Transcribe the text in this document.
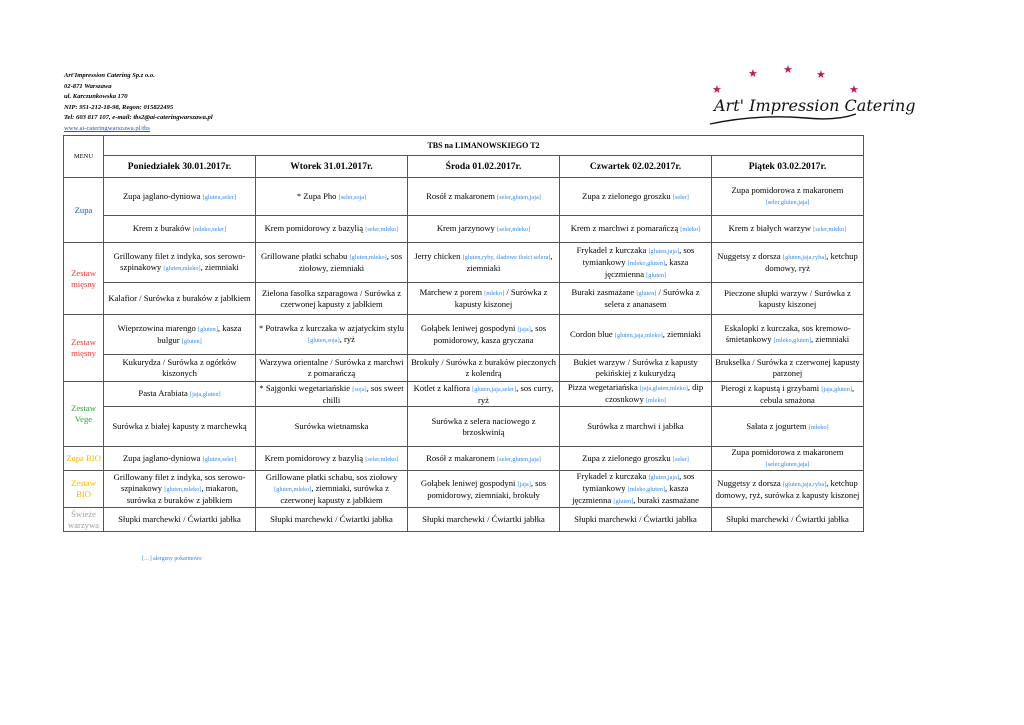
Art'Impression Catering Sp.z o.o.
02-871 Warszawa
ul. Karczunkowska 170
NIP: 951-212-18-98, Regon: 015822495
Tel: 603 817 107, e-mail: tbs2@ai-cateringwarszawa.pl
www.ai-cateringwarszawa.pl/tbs
★ ★ ★
★	★
Art' Impression Catering
MENU	TBS na LIMANOWSKIEGO T2				
	Poniedziałek 30.01.2017r.	Wtorek 31.01.2017r.	Środa 01.02.2017r.	Czwartek 02.02.2017r.	Piątek 03.02.2017r.
Zupa	Zupa jaglano-dyniowa [gluten,seler]	* Zupa Pho [seler,soja]	Rosół z makaronem [seler,gluten,jaja]	Zupa z zielonego groszku [seler]	Zupa pomidorowa z makaronem [seler,gluten,jaja]
	Krem z buraków [mleko,seler]	Krem pomidorowy z bazylią [seler,mleko]	Krem jarzynowy [seler,mleko]	Krem z marchwi z pomarańczą [mleko]	Krem z białych warzyw [seler,mleko]
Zestaw mięsny	Grillowany filet z indyka, sos serowo-szpinakowy [gluten,mleko], ziemniaki	Grillowane płatki schabu [gluten,mleko], sos ziołowy, ziemniaki	Jerry chicken [gluten,ryby, śladowe ilości selera], ziemniaki	Frykadel z kurczaka [gluten,jaja], sos tymiankowy [mleko,gluten], kasza jęczmienna [gluten]	Nuggetsy z dorsza [gluten,jaja,ryba], ketchup domowy, ryż
	Kalafior / Surówka z buraków z jabłkiem	Zielona fasolka szparagowa / Surówka z czerwonej kapusty z jabłkiem	Marchew z porem [mleko] / Surówka z kapusty kiszonej	Buraki zasmażane [gluten] / Surówka z selera z ananasem	Pieczone słupki warzyw / Surówka z kapusty kiszonej
Zestaw mięsny	Wieprzowina marengo [gluten], kasza bulgur [gluten]	* Potrawka z kurczaka w azjatyckim stylu [gluten,soja], ryż	Gołąbek leniwej gospodyni [jaja], sos pomidorowy, kasza gryczana	Cordon blue [gluten,jaja,mleko], ziemniaki	Eskalopki z kurczaka, sos kremowo-śmietankowy [mleko,gluten], ziemniaki
	Kukurydza / Surówka z ogórków kiszonych	Warzywa orientalne / Surówka z marchwi z pomarańczą	Brokuły / Surówka z buraków pieczonych z kolendrą	Bukiet warzyw / Surówka z kapusty pekińskiej z kukurydzą	Brukselka / Surówka z czerwonej kapusty parzonej
Zestaw Vege	Pasta Arabiata [jaja,gluten]	* Sajgonki wegetariańskie [soja], sos sweet chilli	Kotlet z kalfiora [gluten,jaja,seler], sos curry, ryż	Pizza wegetariańska [jaja,gluten,mleko], dip czosnkowy [mleko]	Pierogi z kapustą i grzybami [jaja,gluten], cebula smażona
	Surówka z białej kapusty z marchewką	Surówka wietnamska	Surówka z selera naciowego z brzoskwinią	Surówka z marchwi i jabłka	Sałata z jogurtem [mleko]
Zupa BIO	Zupa jaglano-dyniowa [gluten,seler]	Krem pomidorowy z bazylią [seler,mleko]	Rosół z makaronem [seler,gluten,jaja]	Zupa z zielonego groszku [seler]	Zupa pomidorowa z makaronem [seler,gluten,jaja]
Zestaw BIO	Grillowany filet z indyka, sos serowo-szpinakowy [gluten,mleko], makaron, surówka z buraków z jabłkiem	Grillowane płatki schabu, sos ziołowy [gluten,mleko], ziemniaki, surówka z czerwonej kapusty z jabłkiem	Gołąbek leniwej gospodyni [jaja], sos pomidorowy, ziemniaki, brokuły	Frykadel z kurczaka [gluten,jaja], sos tymiankowy [mleko,gluten], kasza jęczmienna [gluten], buraki zasmażane	Nuggetsy z dorsza [gluten,jaja,ryba], ketchup domowy, ryż, surówka z kapusty kiszonej
Świeże warzywa	Słupki marchewki / Ćwiartki jabłka	Słupki marchewki / Ćwiartki jabłka	Słupki marchewki / Ćwiartki jabłka	Słupki marchewki / Ćwiartki jabłka	Słupki marchewki / Ćwiartki jabłka
[…] alergeny pokarmowe
